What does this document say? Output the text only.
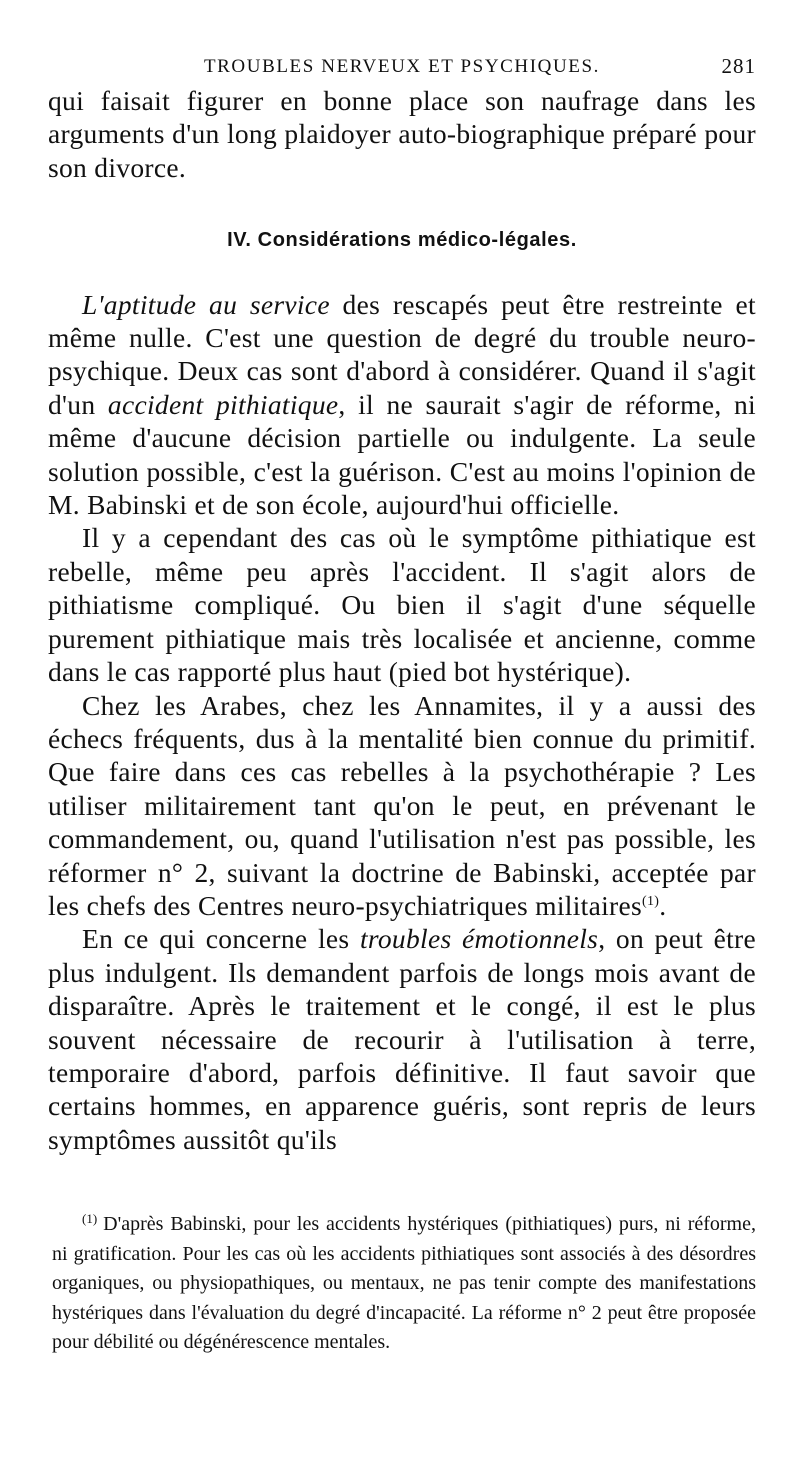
TROUBLES NERVEUX ET PSYCHIQUES.	281

qui faisait figurer en bonne place son naufrage dans les arguments d'un long plaidoyer auto-biographique préparé pour son divorce.

IV. Considérations médico-légales.

L'aptitude au service des rescapés peut être restreinte et même nulle. C'est une question de degré du trouble neuro-psychique. Deux cas sont d'abord à considérer. Quand il s'agit d'un accident pithiatique, il ne saurait s'agir de réforme, ni même d'aucune décision partielle ou indulgente. La seule solution possible, c'est la guérison. C'est au moins l'opinion de M. Babinski et de son école, aujourd'hui officielle.

Il y a cependant des cas où le symptôme pithiatique est rebelle, même peu après l'accident. Il s'agit alors de pithiatisme compliqué. Ou bien il s'agit d'une séquelle purement pithiatique mais très localisée et ancienne, comme dans le cas rapporté plus haut (pied bot hystérique).

Chez les Arabes, chez les Annamites, il y a aussi des échecs fréquents, dus à la mentalité bien connue du primitif. Que faire dans ces cas rebelles à la psychothérapie ? Les utiliser militairement tant qu'on le peut, en prévenant le commandement, ou, quand l'utilisation n'est pas possible, les réformer n° 2, suivant la doctrine de Babinski, acceptée par les chefs des Centres neuro-psychiatriques militaires$^{(1)}$.

En ce qui concerne les troubles émotionnels, on peut être plus indulgent. Ils demandent parfois de longs mois avant de disparaître. Après le traitement et le congé, il est le plus souvent nécessaire de recourir à l'utilisation à terre, temporaire d'abord, parfois définitive. Il faut savoir que certains hommes, en apparence guéris, sont repris de leurs symptômes aussitôt qu'ils

$^{(1)}$ D'après Babinski, pour les accidents hystériques (pithiatiques) purs, ni réforme, ni gratification. Pour les cas où les accidents pithiatiques sont associés à des désordres organiques, ou physiopathiques, ou mentaux, ne pas tenir compte des manifestations hystériques dans l'évaluation du degré d'incapacité. La réforme n° 2 peut être proposée pour débilité ou dégénérescence mentales.
